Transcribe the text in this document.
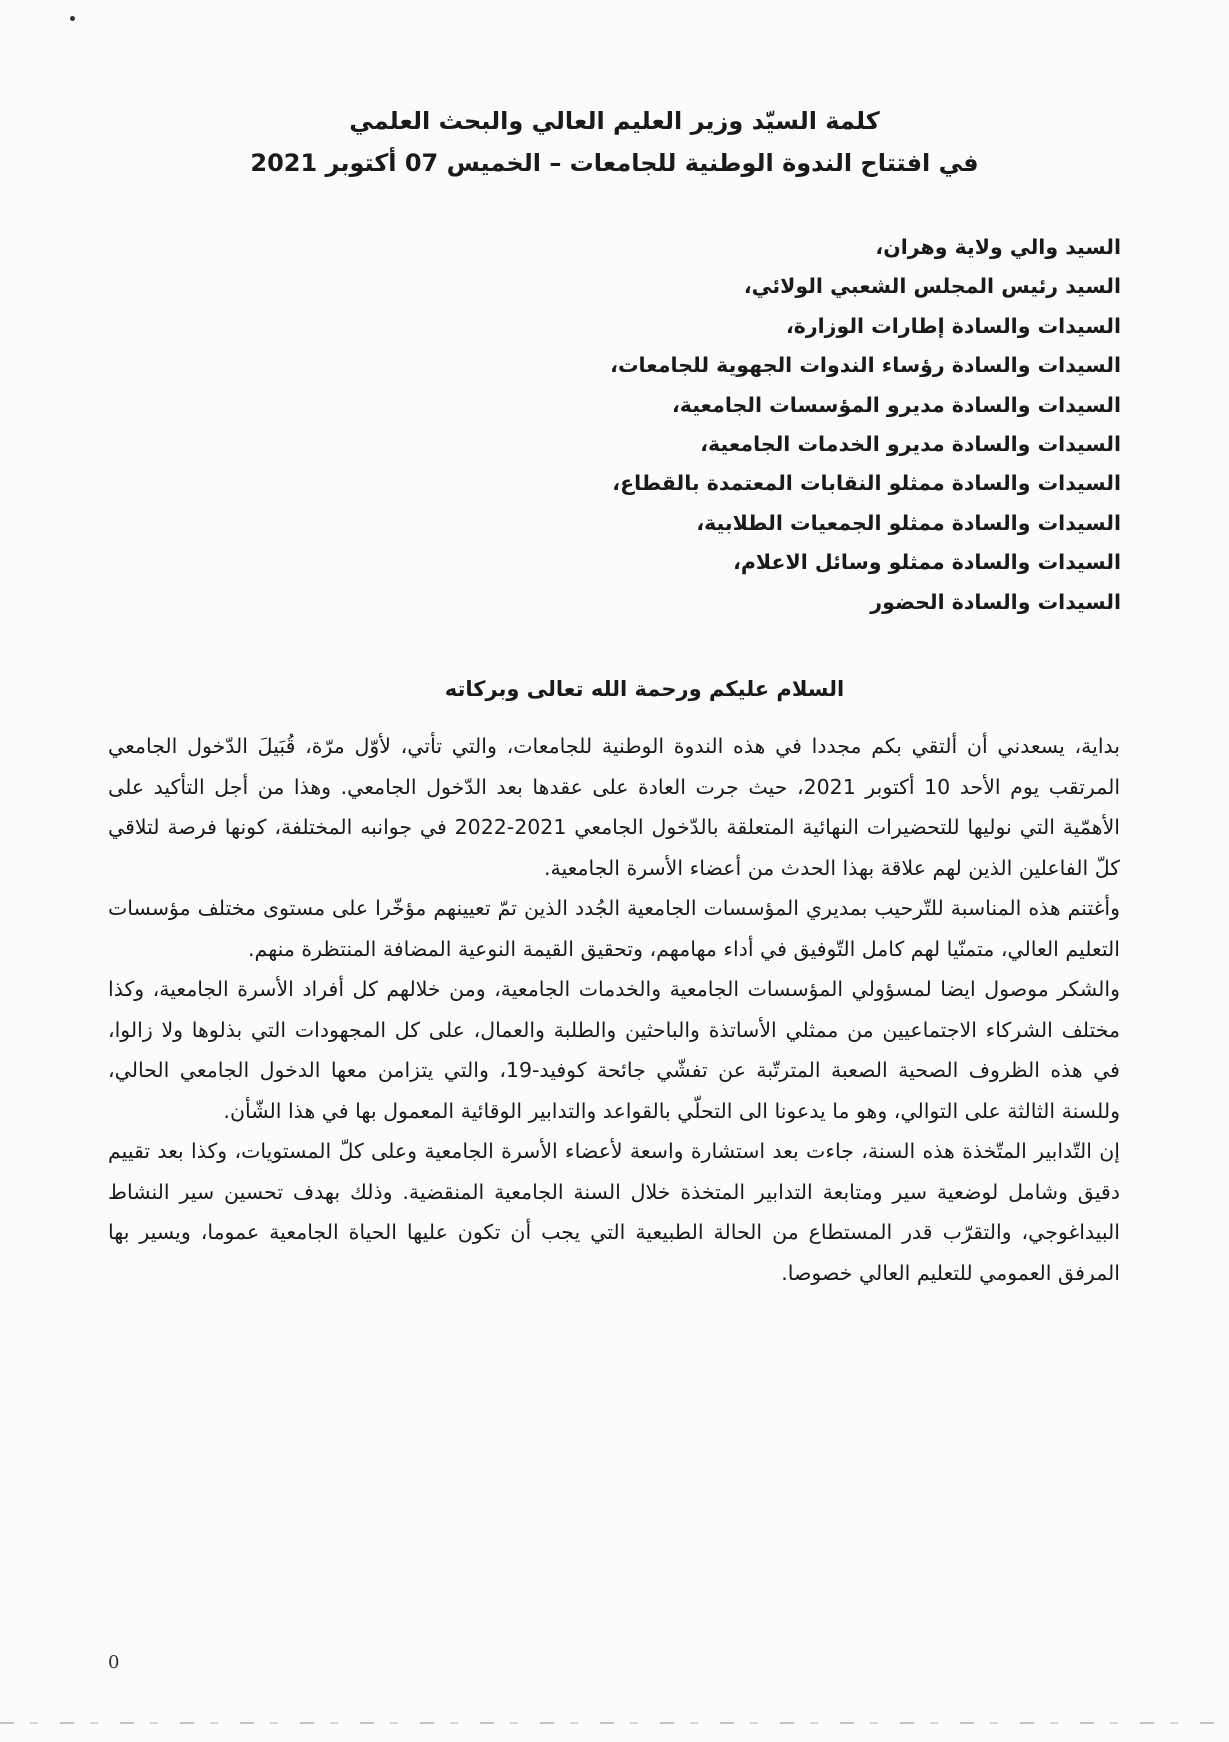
كلمة السيّد وزير العليم العالي والبحث العلمي
في افتتاح الندوة الوطنية للجامعات – الخميس 07 أكتوبر 2021
السيد والي ولاية وهران،
السيد رئيس المجلس الشعبي الولائي،
السيدات والسادة إطارات الوزارة،
السيدات والسادة رؤساء الندوات الجهوية للجامعات،
السيدات والسادة مديرو المؤسسات الجامعية،
السيدات والسادة مديرو الخدمات الجامعية،
السيدات والسادة ممثلو النقابات المعتمدة بالقطاع،
السيدات والسادة ممثلو الجمعيات الطلابية،
السيدات والسادة ممثلو وسائل الاعلام،
السيدات والسادة الحضور
السلام عليكم ورحمة الله تعالى وبركاته

بداية، يسعدني أن ألتقي بكم مجددا في هذه الندوة الوطنية للجامعات، والتي تأتي، لأوّل مرّة، قُبَيلَ الدّخول الجامعي المرتقب يوم الأحد 10 أكتوبر 2021، حيث جرت العادة على عقدها بعد الدّخول الجامعي. وهذا من أجل التأكيد على الأهمّية التي نوليها للتحضيرات النهائية المتعلقة بالدّخول الجامعي 2021-2022 في جوانبه المختلفة، كونها فرصة لتلاقي كلّ الفاعلين الذين لهم علاقة بهذا الحدث من أعضاء الأسرة الجامعية.

وأغتنم هذه المناسبة للتّرحيب بمديري المؤسسات الجامعية الجُدد الذين تمّ تعيينهم مؤخّرا على مستوى مختلف مؤسسات التعليم العالي، متمنّيا لهم كامل التّوفيق في أداء مهامهم، وتحقيق القيمة النوعية المضافة المنتظرة منهم.

والشكر موصول ايضا لمسؤولي المؤسسات الجامعية والخدمات الجامعية، ومن خلالهم كل أفراد الأسرة الجامعية، وكذا مختلف الشركاء الاجتماعيين من ممثلي الأساتذة والباحثين والطلبة والعمال، على كل المجهودات التي بذلوها ولا زالوا، في هذه الظروف الصحية الصعبة المترتّبة عن تفشّي جائحة كوفيد-19، والتي يتزامن معها الدخول الجامعي الحالي، وللسنة الثالثة على التوالي، وهو ما يدعونا الى التحلّي بالقواعد والتدابير الوقائية المعمول بها في هذا الشّأن.

إن التّدابير المتّخذة هذه السنة، جاءت بعد استشارة واسعة لأعضاء الأسرة الجامعية وعلى كلّ المستويات، وكذا بعد تقييم دقيق وشامل لوضعية سير ومتابعة التدابير المتخذة خلال السنة الجامعية المنقضية. وذلك بهدف تحسين سير النشاط البيداغوجي، والتقرّب قدر المستطاع من الحالة الطبيعية التي يجب أن تكون عليها الحياة الجامعية عموما، ويسير بها المرفق العمومي للتعليم العالي خصوصا.

0
